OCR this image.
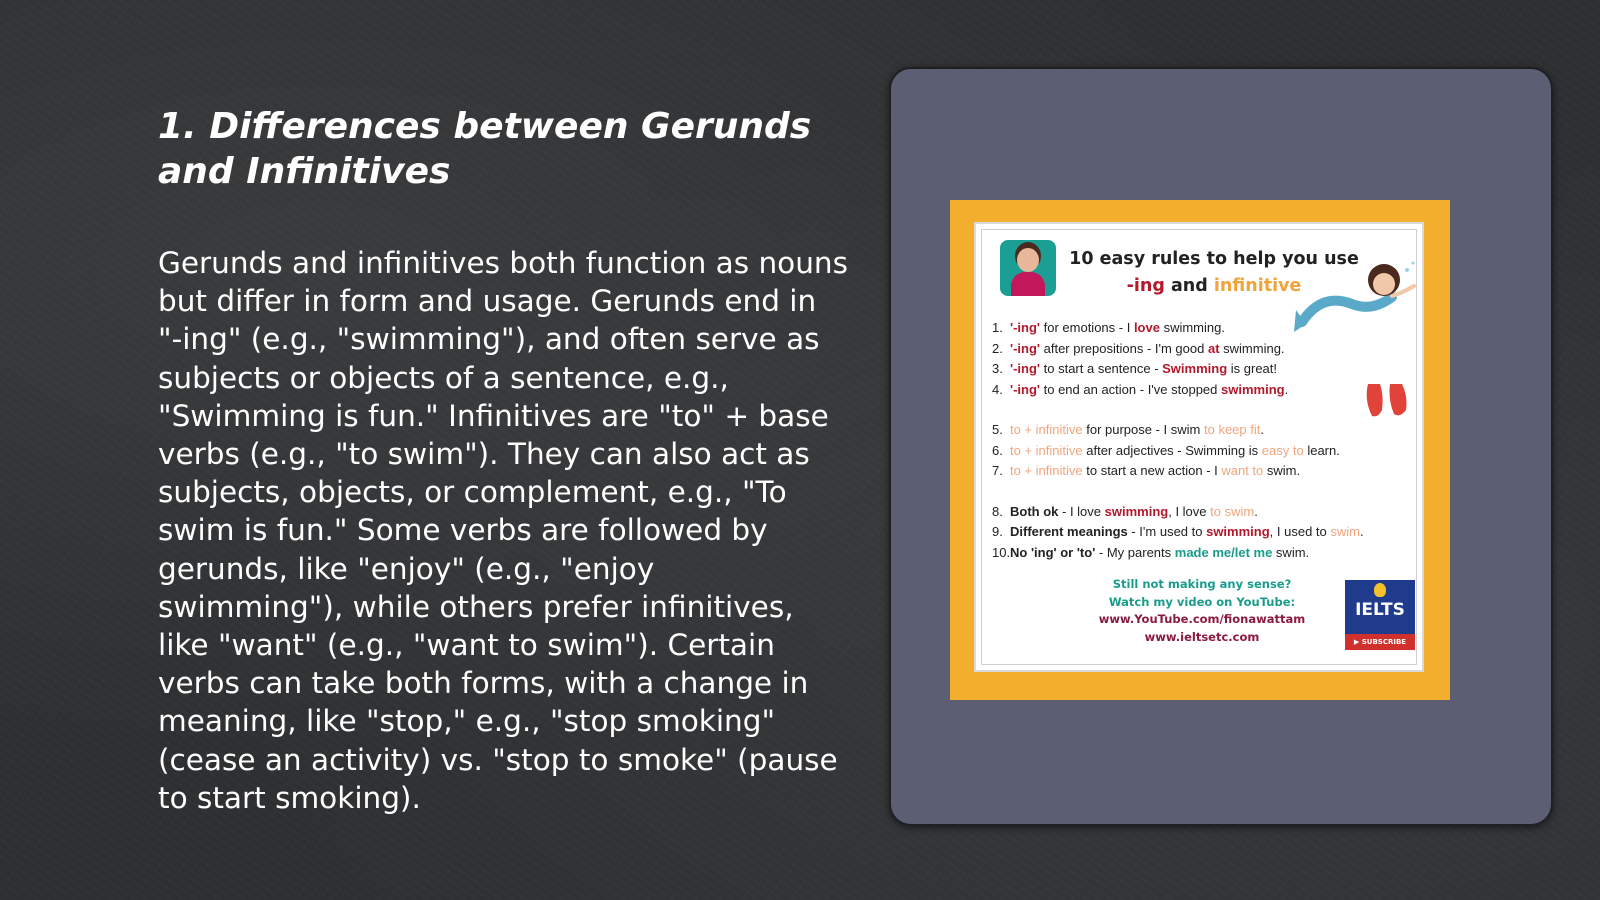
1. Differences between Gerunds and Infinitives

Gerunds and infinitives both function as nouns but differ in form and usage. Gerunds end in "-ing" (e.g., "swimming"), and often serve as subjects or objects of a sentence, e.g., "Swimming is fun." Infinitives are "to" + base verbs (e.g., "to swim"). They can also act as subjects, objects, or complement, e.g., "To swim is fun." Some verbs are followed by gerunds, like "enjoy" (e.g., "enjoy swimming"), while others prefer infinitives, like "want" (e.g., "want to swim"). Certain verbs can take both forms, with a change in meaning, like "stop," e.g., "stop smoking" (cease an activity) vs. "stop to smoke" (pause to start smoking).

10 easy rules to help you use
-ing and infinitive
1. '-ing' for emotions - I love swimming.
2. '-ing' after prepositions - I'm good at swimming.
3. '-ing' to start a sentence - Swimming is great!
4. '-ing' to end an action - I've stopped swimming.
5. to + infinitive for purpose - I swim to keep fit.
6. to + infinitive after adjectives - Swimming is easy to learn.
7. to + infinitive to start a new action - I want to swim.
8. Both ok - I love swimming, I love to swim.
9. Different meanings - I'm used to swimming, I used to swim.
10.No 'ing' or 'to' - My parents made me/let me swim.
Still not making any sense?
Watch my video on YouTube:
www.YouTube.com/fionawattam
www.ieltsetc.com
IELTS
▶ SUBSCRIBE
